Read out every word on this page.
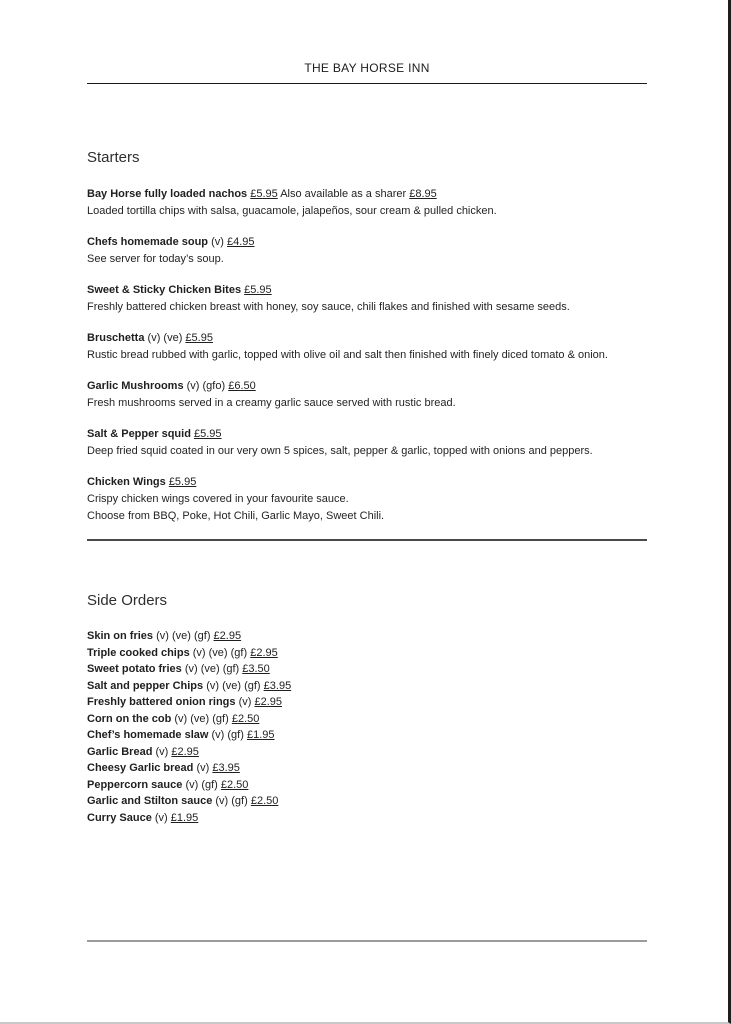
THE BAY HORSE INN
Starters

Bay Horse fully loaded nachos £5.95 Also available as a sharer £8.95

Loaded tortilla chips with salsa, guacamole, jalapeños, sour cream & pulled chicken.

Chefs homemade soup (v) £4.95

See server for today’s soup.

Sweet & Sticky Chicken Bites £5.95

Freshly battered chicken breast with honey, soy sauce, chili flakes and finished with sesame seeds.

Bruschetta (v) (ve) £5.95

Rustic bread rubbed with garlic, topped with olive oil and salt then finished with finely diced tomato & onion.

Garlic Mushrooms (v) (gfo) £6.50

Fresh mushrooms served in a creamy garlic sauce served with rustic bread.

Salt & Pepper squid £5.95

Deep fried squid coated in our very own 5 spices, salt, pepper & garlic, topped with onions and peppers.

Chicken Wings £5.95

Crispy chicken wings covered in your favourite sauce.

Choose from BBQ, Poke, Hot Chili, Garlic Mayo, Sweet Chili.

Side Orders

Skin on fries (v) (ve) (gf) £2.95

Triple cooked chips (v) (ve) (gf) £2.95

Sweet potato fries (v) (ve) (gf) £3.50

Salt and pepper Chips (v) (ve) (gf) £3.95

Freshly battered onion rings (v) £2.95

Corn on the cob (v) (ve) (gf) £2.50

Chef’s homemade slaw (v) (gf) £1.95

Garlic Bread (v) £2.95

Cheesy Garlic bread (v) £3.95

Peppercorn sauce (v) (gf) £2.50

Garlic and Stilton sauce (v) (gf) £2.50

Curry Sauce (v) £1.95
